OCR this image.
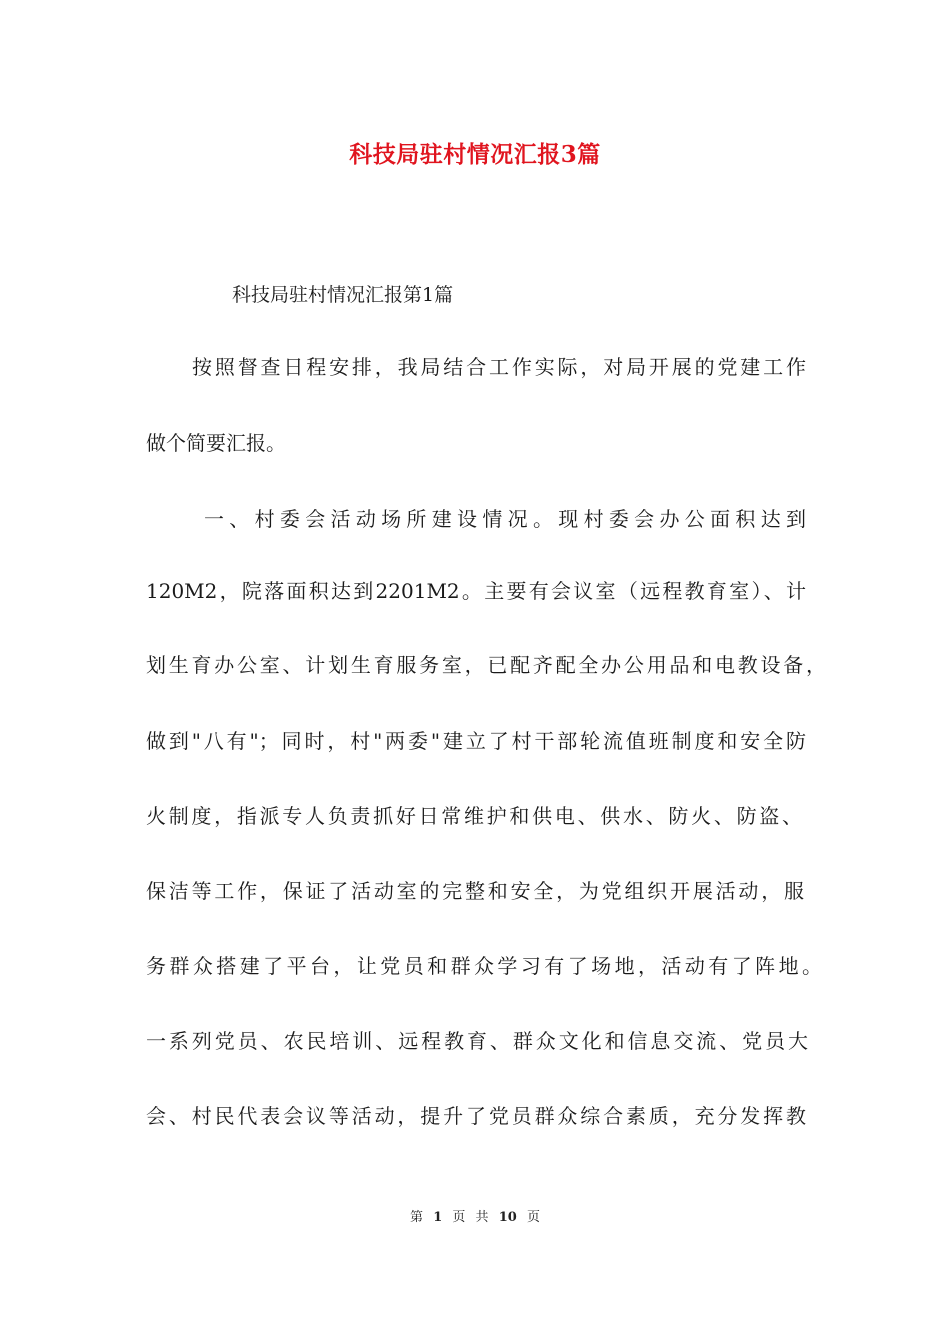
科技局驻村情况汇报3篇

科技局驻村情况汇报第1篇

按照督查日程安排，我局结合工作实际，对局开展的党建工作

做个简要汇报。

一、村委会活动场所建设情况。现村委会办公面积达到

120M2，院落面积达到2201M2。主要有会议室（远程教育室）、计

划生育办公室、计划生育服务室，已配齐配全办公用品和电教设备，

做到"八有"；同时，村"两委"建立了村干部轮流值班制度和安全防

火制度，指派专人负责抓好日常维护和供电、供水、防火、防盗、

保洁等工作，保证了活动室的完整和安全，为党组织开展活动，服

务群众搭建了平台，让党员和群众学习有了场地，活动有了阵地。

一系列党员、农民培训、远程教育、群众文化和信息交流、党员大

会、村民代表会议等活动，提升了党员群众综合素质，充分发挥教

第 1 页 共 10 页
